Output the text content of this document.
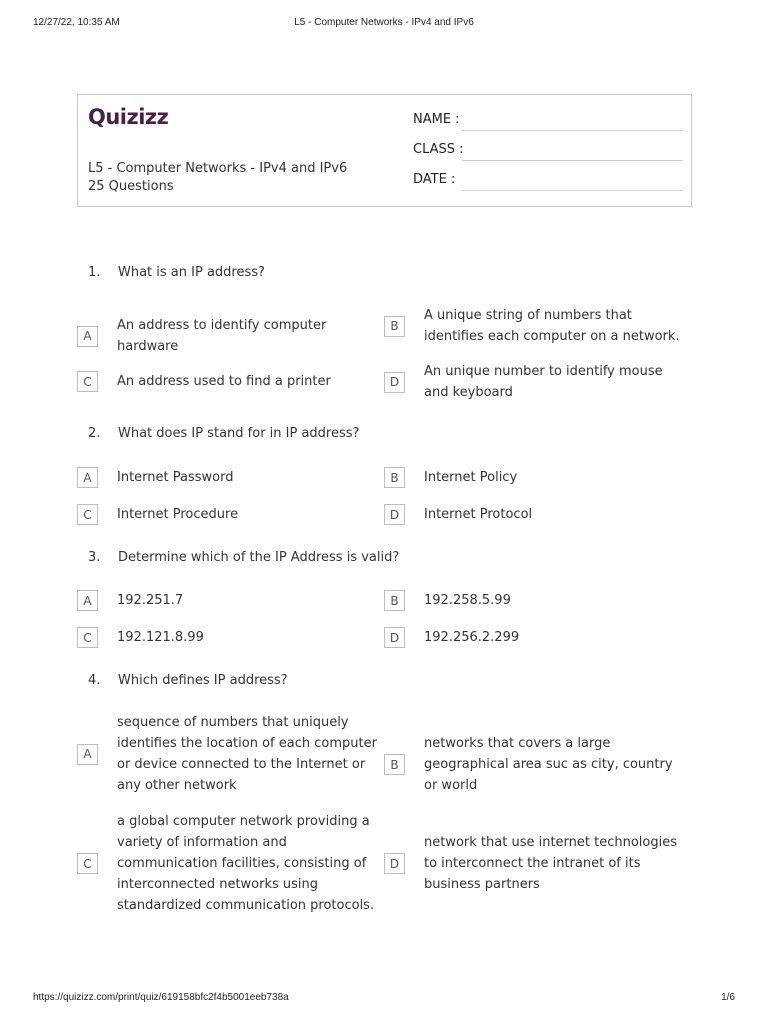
12/27/22, 10:35 AM	L5 - Computer Networks - IPv4 and IPv6
Quizizz
L5 - Computer Networks - IPv4 and IPv6
25 Questions
NAME :
CLASS :
DATE :
1. What is an IP address?
A
An address to identify computer hardware
B
A unique string of numbers that identifies each computer on a network.
C	An address used to find a printer	D
An unique number to identify mouse and keyboard
2. What does IP stand for in IP address?
A	Internet Password	B	Internet Policy
C	Internet Procedure	D	Internet Protocol
3. Determine which of the IP Address is valid?
A	192.251.7	B	192.258.5.99
C	192.121.8.99	D	192.256.2.299
4. Which defines IP address?
A
sequence of numbers that uniquely identifies the location of each computer or device connected to the Internet or any other network
B
networks that covers a large geographical area suc as city, country or world
C
a global computer network providing a variety of information and communication facilities, consisting of interconnected networks using standardized communication protocols.
D
network that use internet technologies to interconnect the intranet of its business partners
https://quizizz.com/print/quiz/619158bfc2f4b5001eeb738a	1/6
